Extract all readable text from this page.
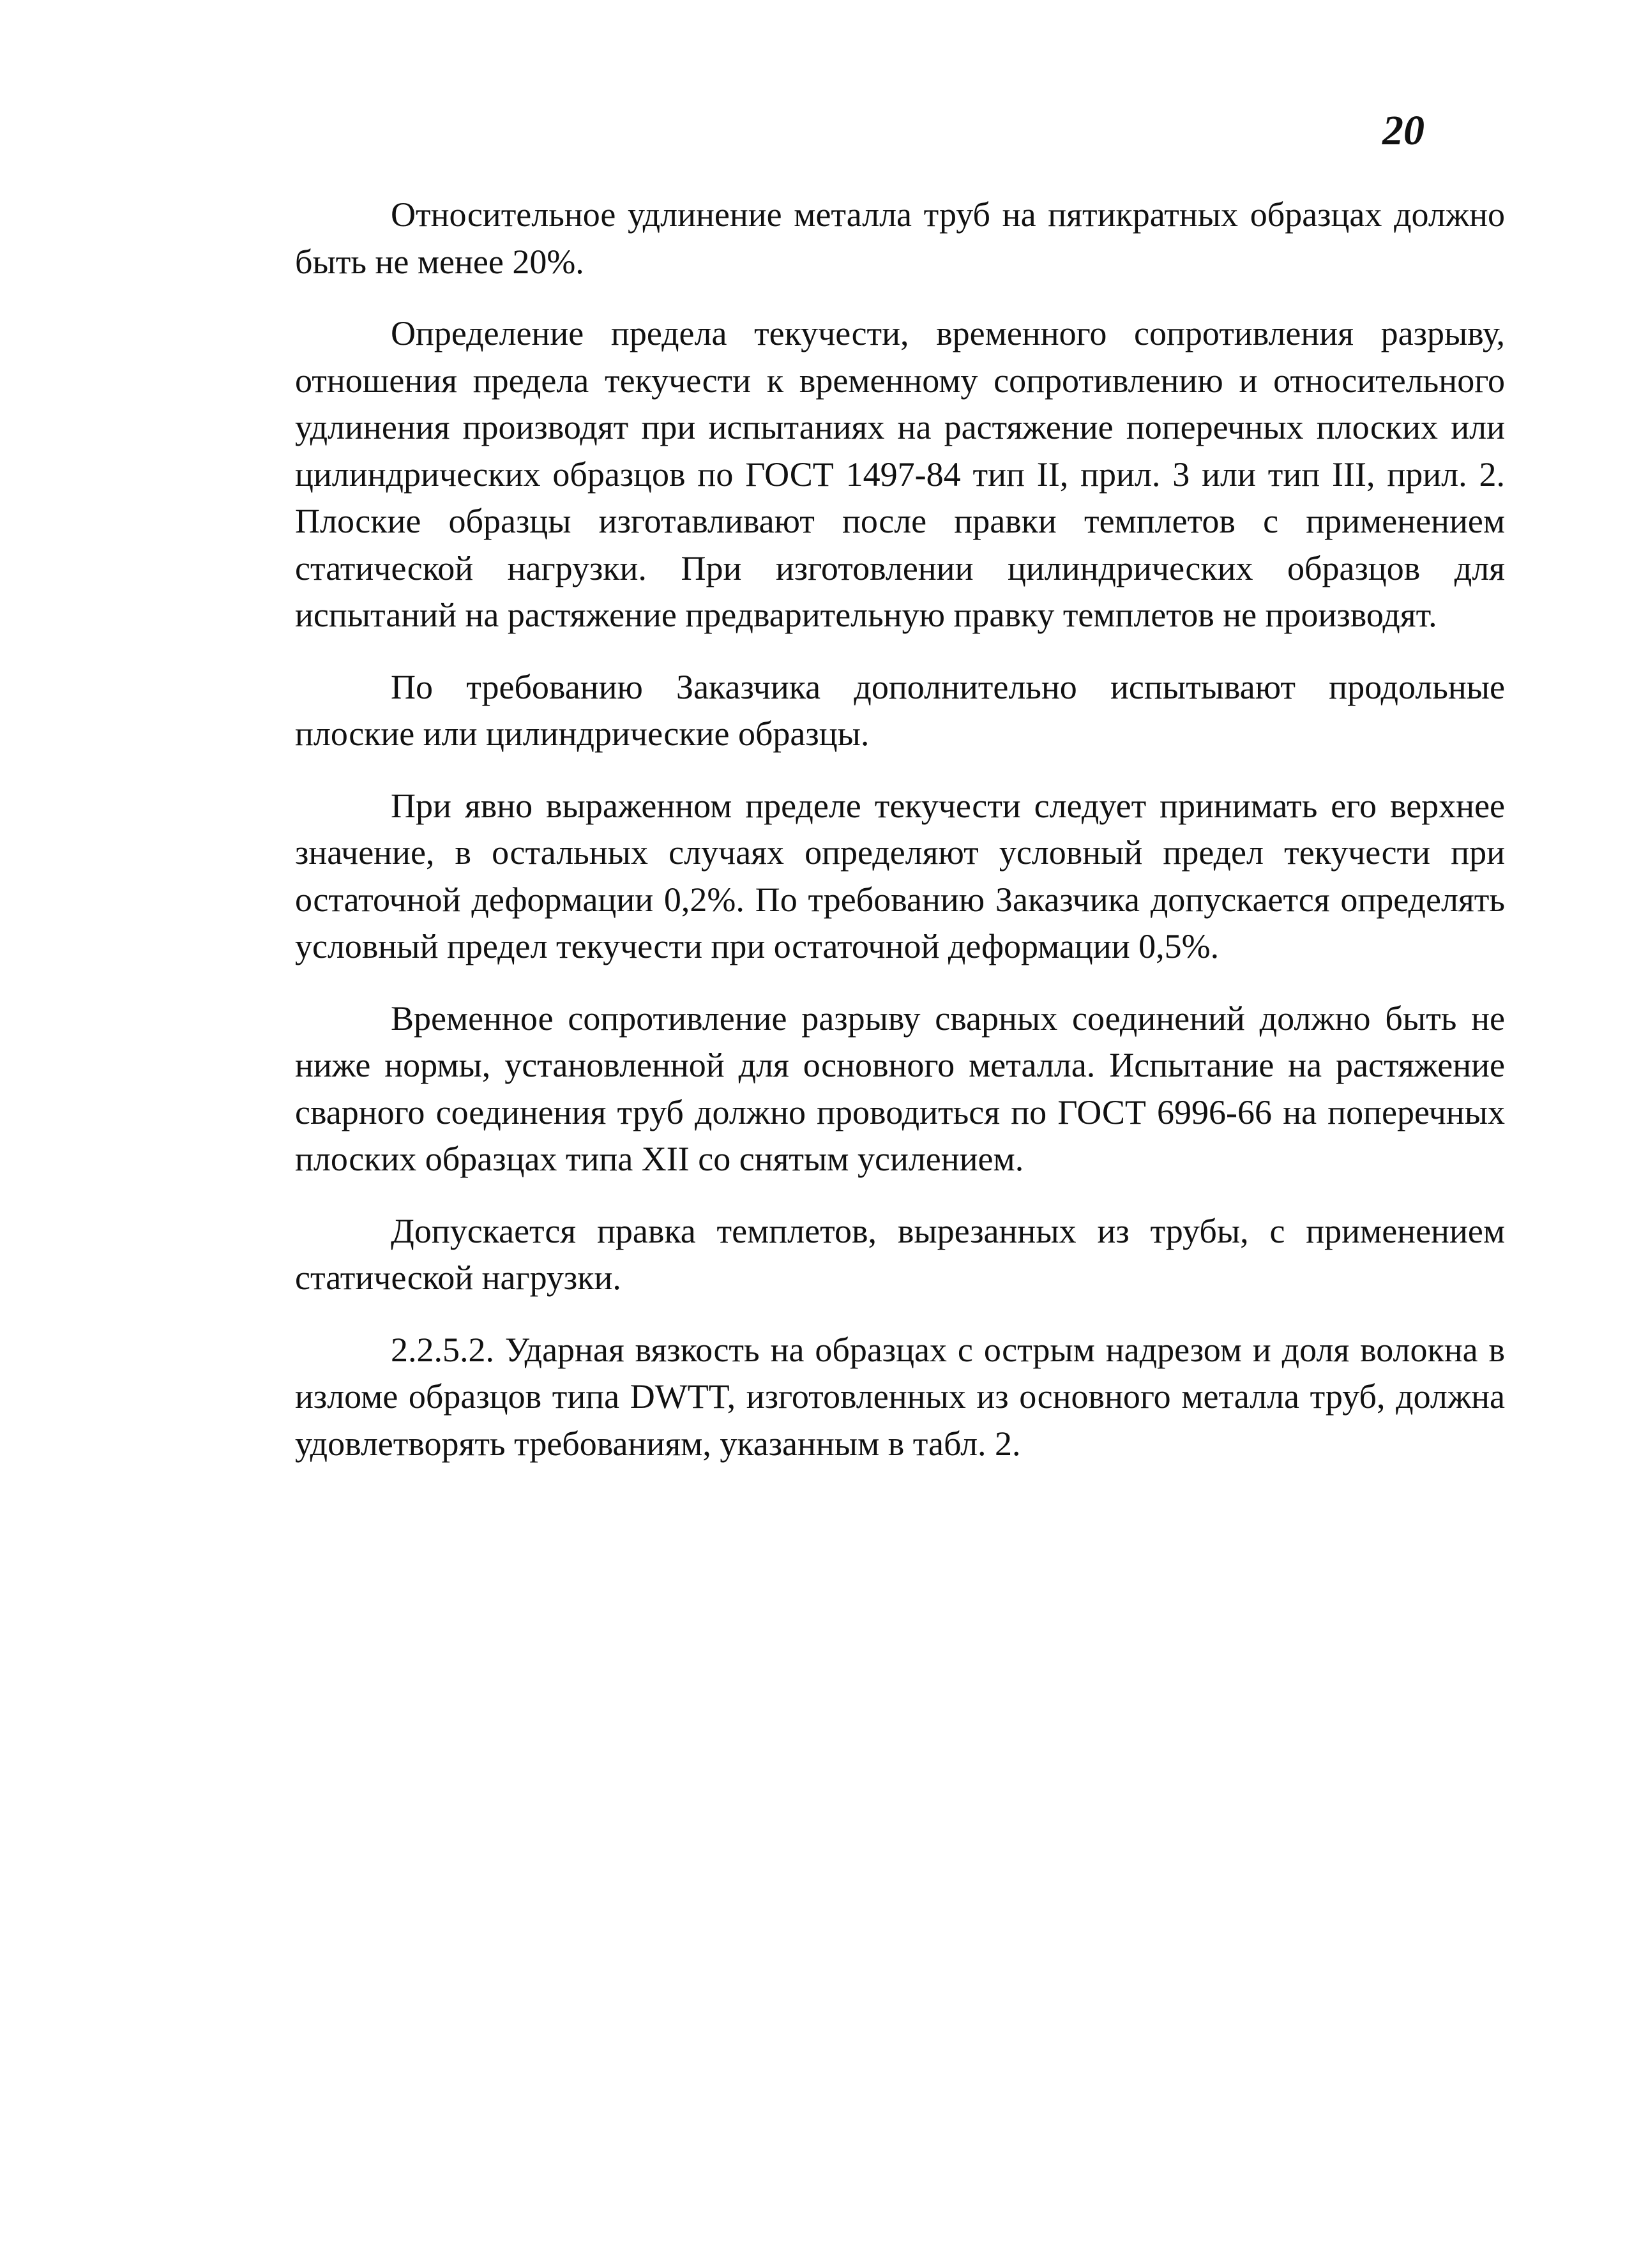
20

Относительное удлинение металла труб на пятикратных образцах должно быть не менее 20%.

Определение предела текучести, временного сопротивления разрыву, отношения предела текучести к временному сопротивлению и относительного удлинения производят при испытаниях на растяжение поперечных плоских или цилиндрических образцов по ГОСТ 1497-84 тип II, прил. 3 или тип III, прил. 2. Плоские образцы изготавливают после правки темплетов с применением статической нагрузки. При изготовлении цилиндрических образцов для испытаний на растяжение предварительную правку темплетов не производят.

По требованию Заказчика дополнительно испытывают продольные плоские или цилиндрические образцы.

При явно выраженном пределе текучести следует принимать его верхнее значение, в остальных случаях определяют условный предел текучести при остаточной деформации 0,2%. По требованию Заказчика допускается определять условный предел текучести при остаточной деформации 0,5%.

Временное сопротивление разрыву сварных соединений должно быть не ниже нормы, установленной для основного металла. Испытание на растяжение сварного соединения труб должно проводиться по ГОСТ 6996-66 на поперечных плоских образцах типа XII со снятым усилением.

Допускается правка темплетов, вырезанных из трубы, с применением статической нагрузки.

2.2.5.2. Ударная вязкость на образцах с острым надрезом и доля волокна в изломе образцов типа DWTT, изготовленных из основного металла труб, должна удовлетворять требованиям, указанным в табл. 2.
